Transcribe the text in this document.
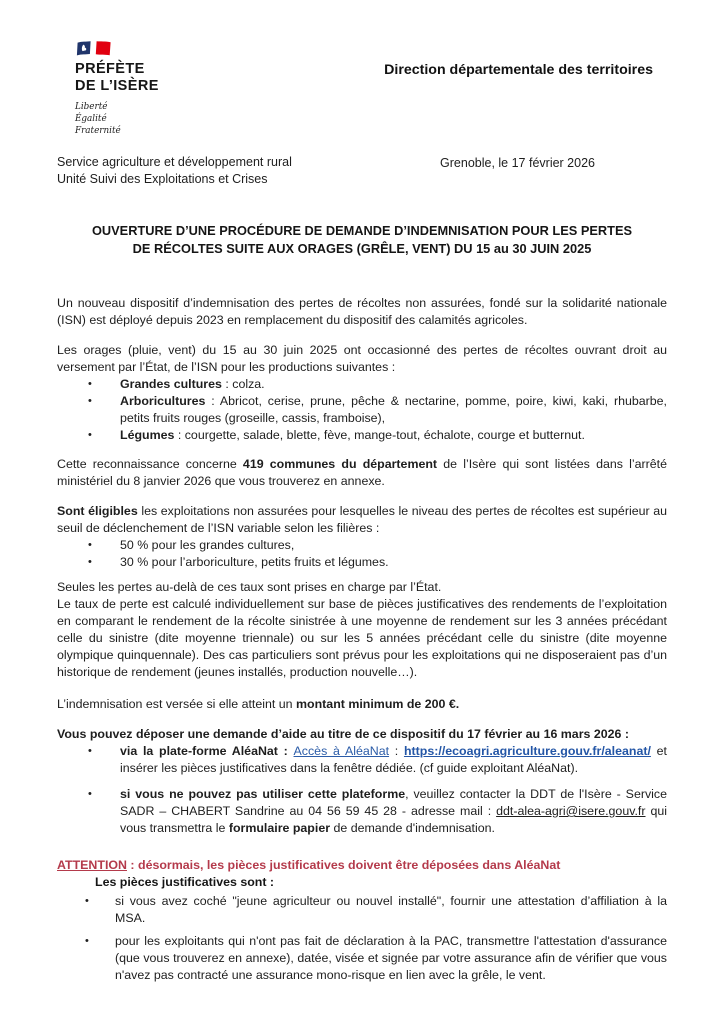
PRÉFÈTE
DE L’ISÈRE
Liberté
Égalité
Fraternité
Direction départementale des territoires
Service agriculture et développement rural
Unité Suivi des Exploitations et Crises
Grenoble, le 17 février 2026
OUVERTURE D’UNE PROCÉDURE DE DEMANDE D’INDEMNISATION POUR LES PERTES
DE RÉCOLTES SUITE AUX ORAGES (GRÊLE, VENT) DU 15 au 30 JUIN 2025

Un nouveau dispositif d’indemnisation des pertes de récoltes non assurées, fondé sur la solidarité nationale (ISN) est déployé depuis 2023 en remplacement du dispositif des calamités agricoles.

Les orages (pluie, vent) du 15 au 30 juin 2025 ont occasionné des pertes de récoltes ouvrant droit au versement par l’État, de l’ISN pour les productions suivantes :

• Grandes cultures : colza.
• Arboricultures : Abricot, cerise, prune, pêche & nectarine, pomme, poire, kiwi, kaki, rhubarbe, petits fruits rouges (groseille, cassis, framboise),
• Légumes : courgette, salade, blette, fève, mange-tout, échalote, courge et butternut.

Cette reconnaissance concerne 419 communes du département de l’Isère qui sont listées dans l’arrêté ministériel du 8 janvier 2026 que vous trouverez en annexe.

Sont éligibles les exploitations non assurées pour lesquelles le niveau des pertes de récoltes est supérieur au seuil de déclenchement de l’ISN variable selon les filières :

• 50 % pour les grandes cultures,
• 30 % pour l’arboriculture, petits fruits et légumes.

Seules les pertes au-delà de ces taux sont prises en charge par l’État.

Le taux de perte est calculé individuellement sur base de pièces justificatives des rendements de l’exploitation en comparant le rendement de la récolte sinistrée à une moyenne de rendement sur les 3 années précédant celle du sinistre (dite moyenne triennale) ou sur les 5 années précédant celle du sinistre (dite moyenne olympique quinquennale). Des cas particuliers sont prévus pour les exploitations qui ne disposeraient pas d’un historique de rendement (jeunes installés, production nouvelle…).

L’indemnisation est versée si elle atteint un montant minimum de 200 €.

Vous pouvez déposer une demande d’aide au titre de ce dispositif du 17 février au 16 mars 2026 :

• via la plate-forme AléaNat : Accès à AléaNat : https://ecoagri.agriculture.gouv.fr/aleanat/ et insérer les pièces justificatives dans la fenêtre dédiée. (cf guide exploitant AléaNat).
• si vous ne pouvez pas utiliser cette plateforme, veuillez contacter la DDT de l'Isère - Service SADR – CHABERT Sandrine au 04 56 59 45 28 - adresse mail : ddt-alea-agri@isere.gouv.fr qui vous transmettra le formulaire papier de demande d'indemnisation.

ATTENTION : désormais, les pièces justificatives doivent être déposées dans AléaNat

Les pièces justificatives sont :
• si vous avez coché "jeune agriculteur ou nouvel installé", fournir une attestation d’affiliation à la MSA.
• pour les exploitants qui n'ont pas fait de déclaration à la PAC, transmettre l'attestation d'assurance (que vous trouverez en annexe), datée, visée et signée par votre assurance afin de vérifier que vous n'avez pas contracté une assurance mono-risque en lien avec la grêle, le vent.
